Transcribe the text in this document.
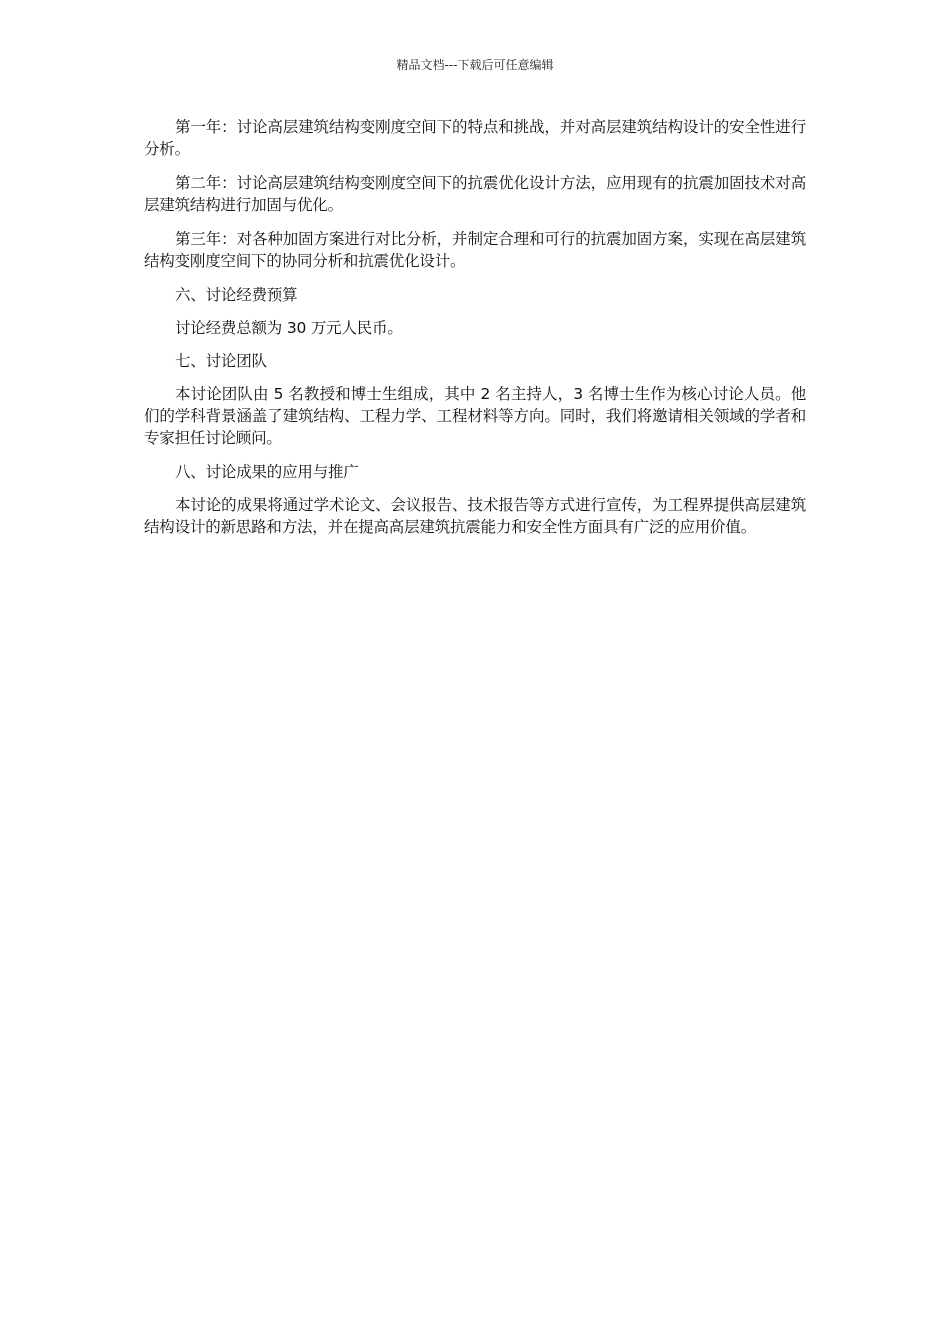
精品文档---下载后可任意编辑

第一年：讨论高层建筑结构变刚度空间下的特点和挑战，并对高层建筑结构设计的安全性进行分析。

第二年：讨论高层建筑结构变刚度空间下的抗震优化设计方法，应用现有的抗震加固技术对高层建筑结构进行加固与优化。

第三年：对各种加固方案进行对比分析，并制定合理和可行的抗震加固方案，实现在高层建筑结构变刚度空间下的协同分析和抗震优化设计。

六、讨论经费预算

讨论经费总额为 30 万元人民币。

七、讨论团队

本讨论团队由 5 名教授和博士生组成，其中 2 名主持人，3 名博士生作为核心讨论人员。他们的学科背景涵盖了建筑结构、工程力学、工程材料等方向。同时，我们将邀请相关领域的学者和专家担任讨论顾问。

八、讨论成果的应用与推广

本讨论的成果将通过学术论文、会议报告、技术报告等方式进行宣传，为工程界提供高层建筑结构设计的新思路和方法，并在提高高层建筑抗震能力和安全性方面具有广泛的应用价值。
